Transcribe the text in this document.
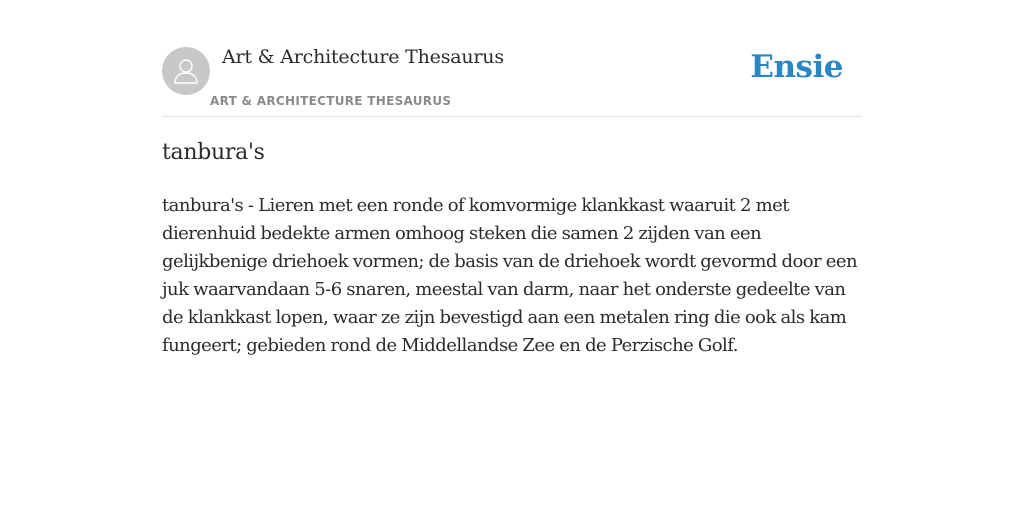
Art & Architecture Thesaurus
ART & ARCHITECTURE THESAURUS
Ensie
tanbura's

tanbura's - Lieren met een ronde of komvormige klankkast waaruit 2 met dierenhuid bedekte armen omhoog steken die samen 2 zijden van een gelijkbenige driehoek vormen; de basis van de driehoek wordt gevormd door een juk waarvandaan 5-6 snaren, meestal van darm, naar het onderste gedeelte van de klankkast lopen, waar ze zijn bevestigd aan een metalen ring die ook als kam fungeert; gebieden rond de Middellandse Zee en de Perzische Golf.
